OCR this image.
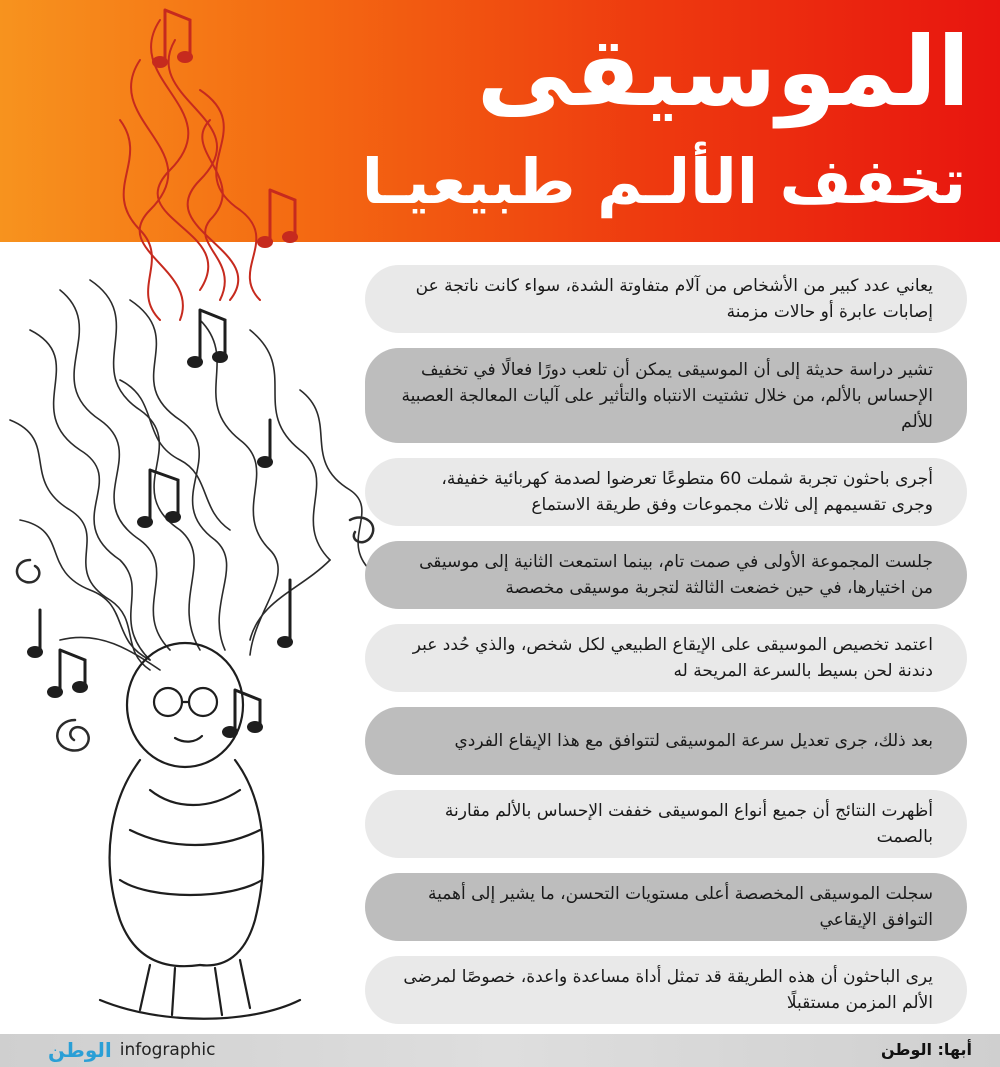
الموسيقى
تخفف الألـم طبيعيـا
يعاني عدد كبير من الأشخاص من آلام متفاوتة الشدة، سواء كانت ناتجة عن إصابات عابرة أو حالات مزمنة
تشير دراسة حديثة إلى أن الموسيقى يمكن أن تلعب دورًا فعالًا في تخفيف الإحساس بالألم، من خلال تشتيت الانتباه والتأثير على آليات المعالجة العصبية للألم
أجرى باحثون تجربة شملت 60 متطوعًا تعرضوا لصدمة كهربائية خفيفة، وجرى تقسيمهم إلى ثلاث مجموعات وفق طريقة الاستماع
جلست المجموعة الأولى في صمت تام، بينما استمعت الثانية إلى موسيقى من اختيارها، في حين خضعت الثالثة لتجربة موسيقى مخصصة
اعتمد تخصيص الموسيقى على الإيقاع الطبيعي لكل شخص، والذي حُدد عبر دندنة لحن بسيط بالسرعة المريحة له
بعد ذلك، جرى تعديل سرعة الموسيقى لتتوافق مع هذا الإيقاع الفردي
أظهرت النتائج أن جميع أنواع الموسيقى خففت الإحساس بالألم مقارنة بالصمت
سجلت الموسيقى المخصصة أعلى مستويات التحسن، ما يشير إلى أهمية التوافق الإيقاعي
يرى الباحثون أن هذه الطريقة قد تمثل أداة مساعدة واعدة، خصوصًا لمرضى الألم المزمن مستقبلًا
الوطن infographic	أبها: الوطن
